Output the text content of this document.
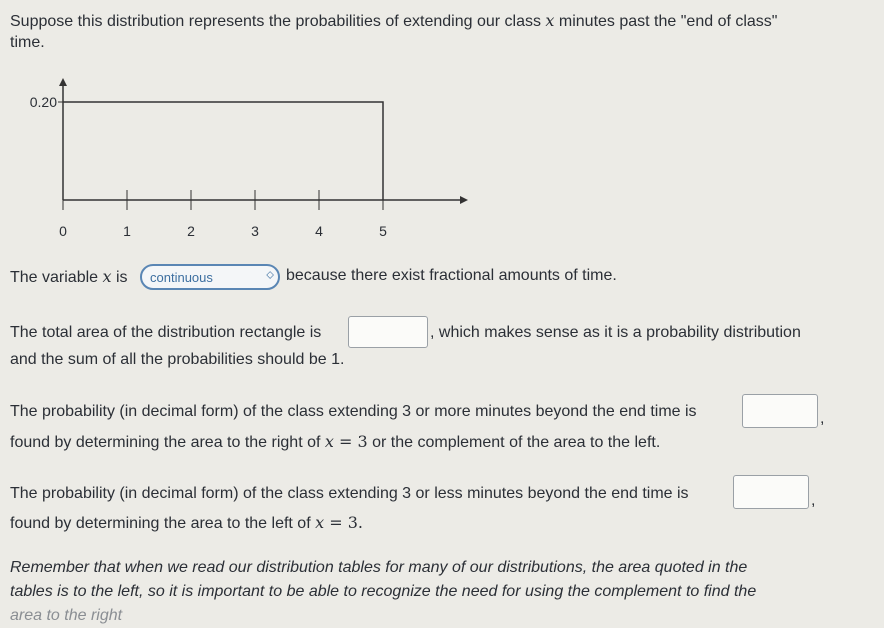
Suppose this distribution represents the probabilities of extending our class x minutes past the "end of class"
time.
0.20
0	1	2	3	4	5
The variable x is continuous	⬦ because there exist fractional amounts of time.
The total area of the distribution rectangle is	, which makes sense as it is a probability distribution
and the sum of all the probabilities should be 1.
The probability (in decimal form) of the class extending 3 or more minutes beyond the end time is	,
found by determining the area to the right of x = 3 or the complement of the area to the left.
The probability (in decimal form) of the class extending 3 or less minutes beyond the end time is	,
found by determining the area to the left of x = 3.
Remember that when we read our distribution tables for many of our distributions, the area quoted in the
tables is to the left, so it is important to be able to recognize the need for using the complement to find the
area to the right
